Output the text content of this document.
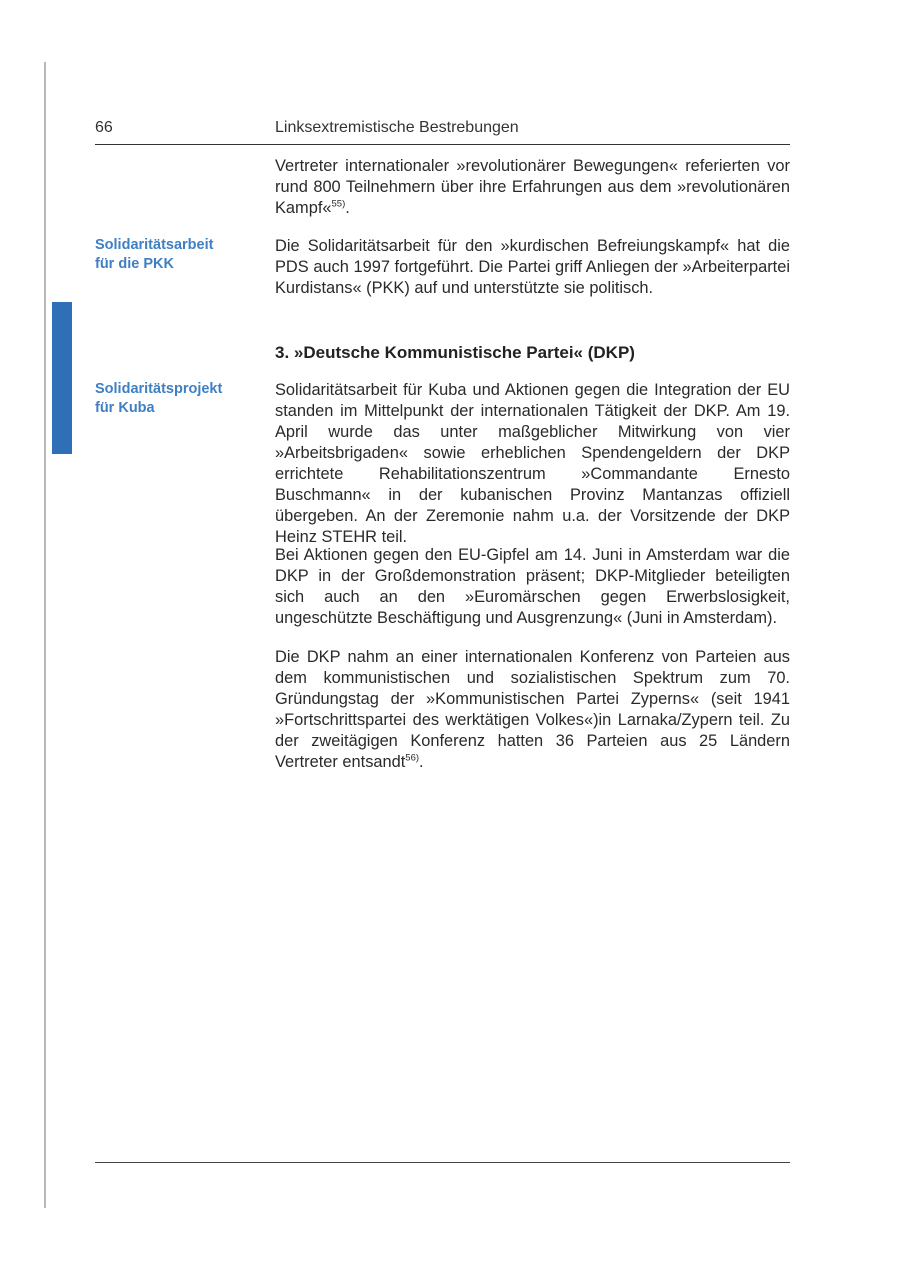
66	Linksextremistische Bestrebungen
Solidaritätsarbeit
für die PKK
Solidaritätsprojekt
für Kuba

Vertreter internationaler »revolutionärer Bewegungen« referierten vor rund 800 Teilnehmern über ihre Erfahrungen aus dem »revolutionären Kampf«$^{55)}$.

Die Solidaritätsarbeit für den »kurdischen Befreiungskampf« hat die PDS auch 1997 fortgeführt. Die Partei griff Anliegen der »Arbeiterpartei Kurdistans« (PKK) auf und unterstützte sie politisch.

3. »Deutsche Kommunistische Partei« (DKP)

Solidaritätsarbeit für Kuba und Aktionen gegen die Integration der EU standen im Mittelpunkt der internationalen Tätigkeit der DKP. Am 19. April wurde das unter maßgeblicher Mitwirkung von vier »Arbeitsbrigaden« sowie erheblichen Spendengeldern der DKP errichtete Rehabilitationszentrum »Commandante Ernesto Buschmann« in der kubanischen Provinz Mantanzas offiziell übergeben. An der Zeremonie nahm u.a. der Vorsitzende der DKP Heinz STEHR teil.

Bei Aktionen gegen den EU-Gipfel am 14. Juni in Amsterdam war die DKP in der Großdemonstration präsent; DKP-Mitglieder beteiligten sich auch an den »Euromärschen gegen Erwerbslosigkeit, ungeschützte Beschäftigung und Ausgrenzung« (Juni in Amsterdam).

Die DKP nahm an einer internationalen Konferenz von Parteien aus dem kommunistischen und sozialistischen Spektrum zum 70. Gründungstag der »Kommunistischen Partei Zyperns« (seit 1941 »Fortschrittspartei des werktätigen Volkes«)in Larnaka/Zypern teil. Zu der zweitägigen Konferenz hatten 36 Parteien aus 25 Ländern Vertreter entsandt$^{56)}$.
